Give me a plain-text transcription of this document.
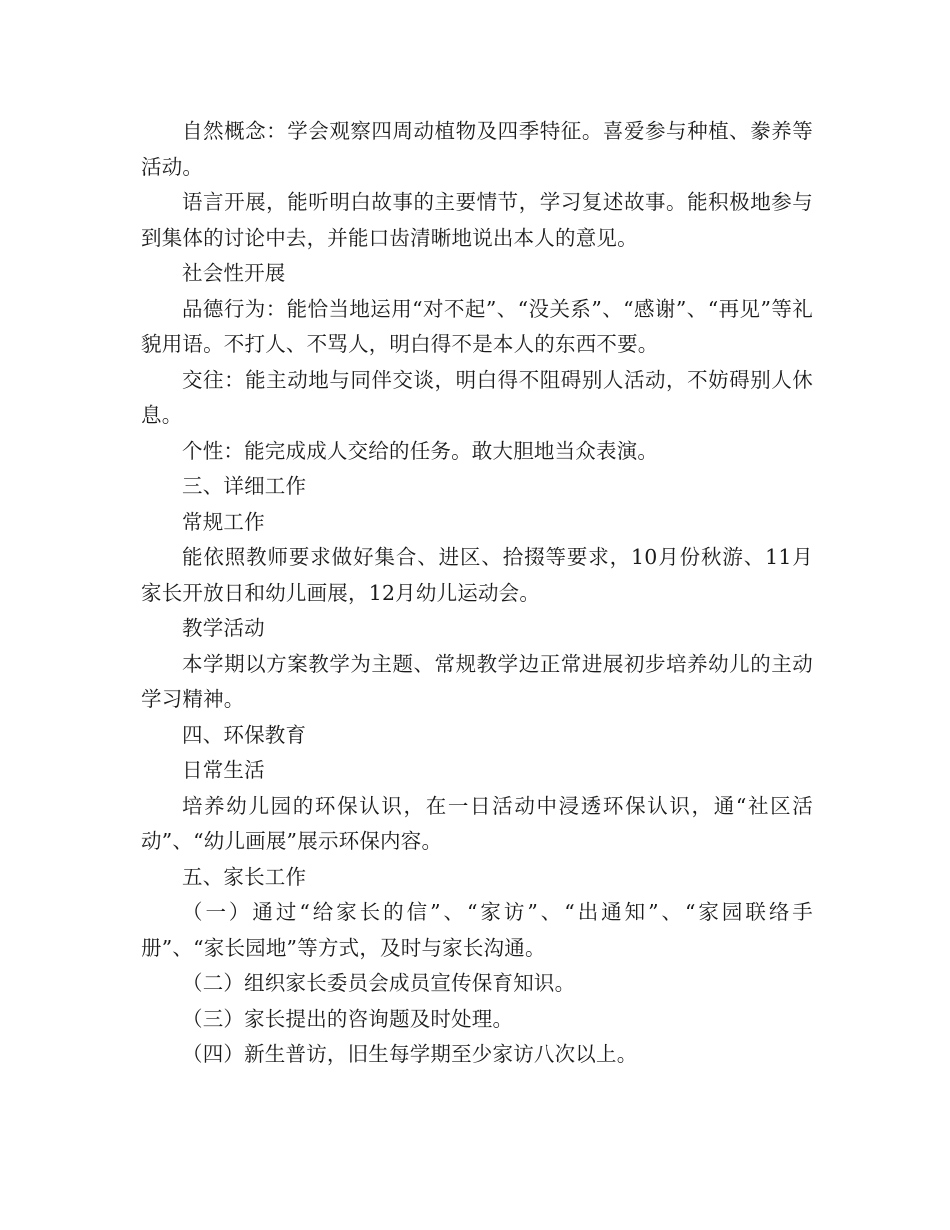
自然概念：学会观察四周动植物及四季特征。喜爱参与种植、豢养等活动。

语言开展，能听明白故事的主要情节，学习复述故事。能积极地参与到集体的讨论中去，并能口齿清晰地说出本人的意见。

社会性开展

品德行为：能恰当地运用“对不起”、“没关系”、“感谢”、“再见”等礼貌用语。不打人、不骂人，明白得不是本人的东西不要。

交往：能主动地与同伴交谈，明白得不阻碍别人活动，不妨碍别人休息。

个性：能完成成人交给的任务。敢大胆地当众表演。

三、详细工作

常规工作

能依照教师要求做好集合、进区、拾掇等要求，10月份秋游、11月家长开放日和幼儿画展，12月幼儿运动会。

教学活动

本学期以方案教学为主题、常规教学边正常进展初步培养幼儿的主动学习精神。

四、环保教育

日常生活

培养幼儿园的环保认识，在一日活动中浸透环保认识，通“社区活动”、“幼儿画展”展示环保内容。

五、家长工作

（一）通过“给家长的信”、“家访”、“出通知”、“家园联络手册”、“家长园地”等方式，及时与家长沟通。

（二）组织家长委员会成员宣传保育知识。

（三）家长提出的咨询题及时处理。

（四）新生普访，旧生每学期至少家访八次以上。
